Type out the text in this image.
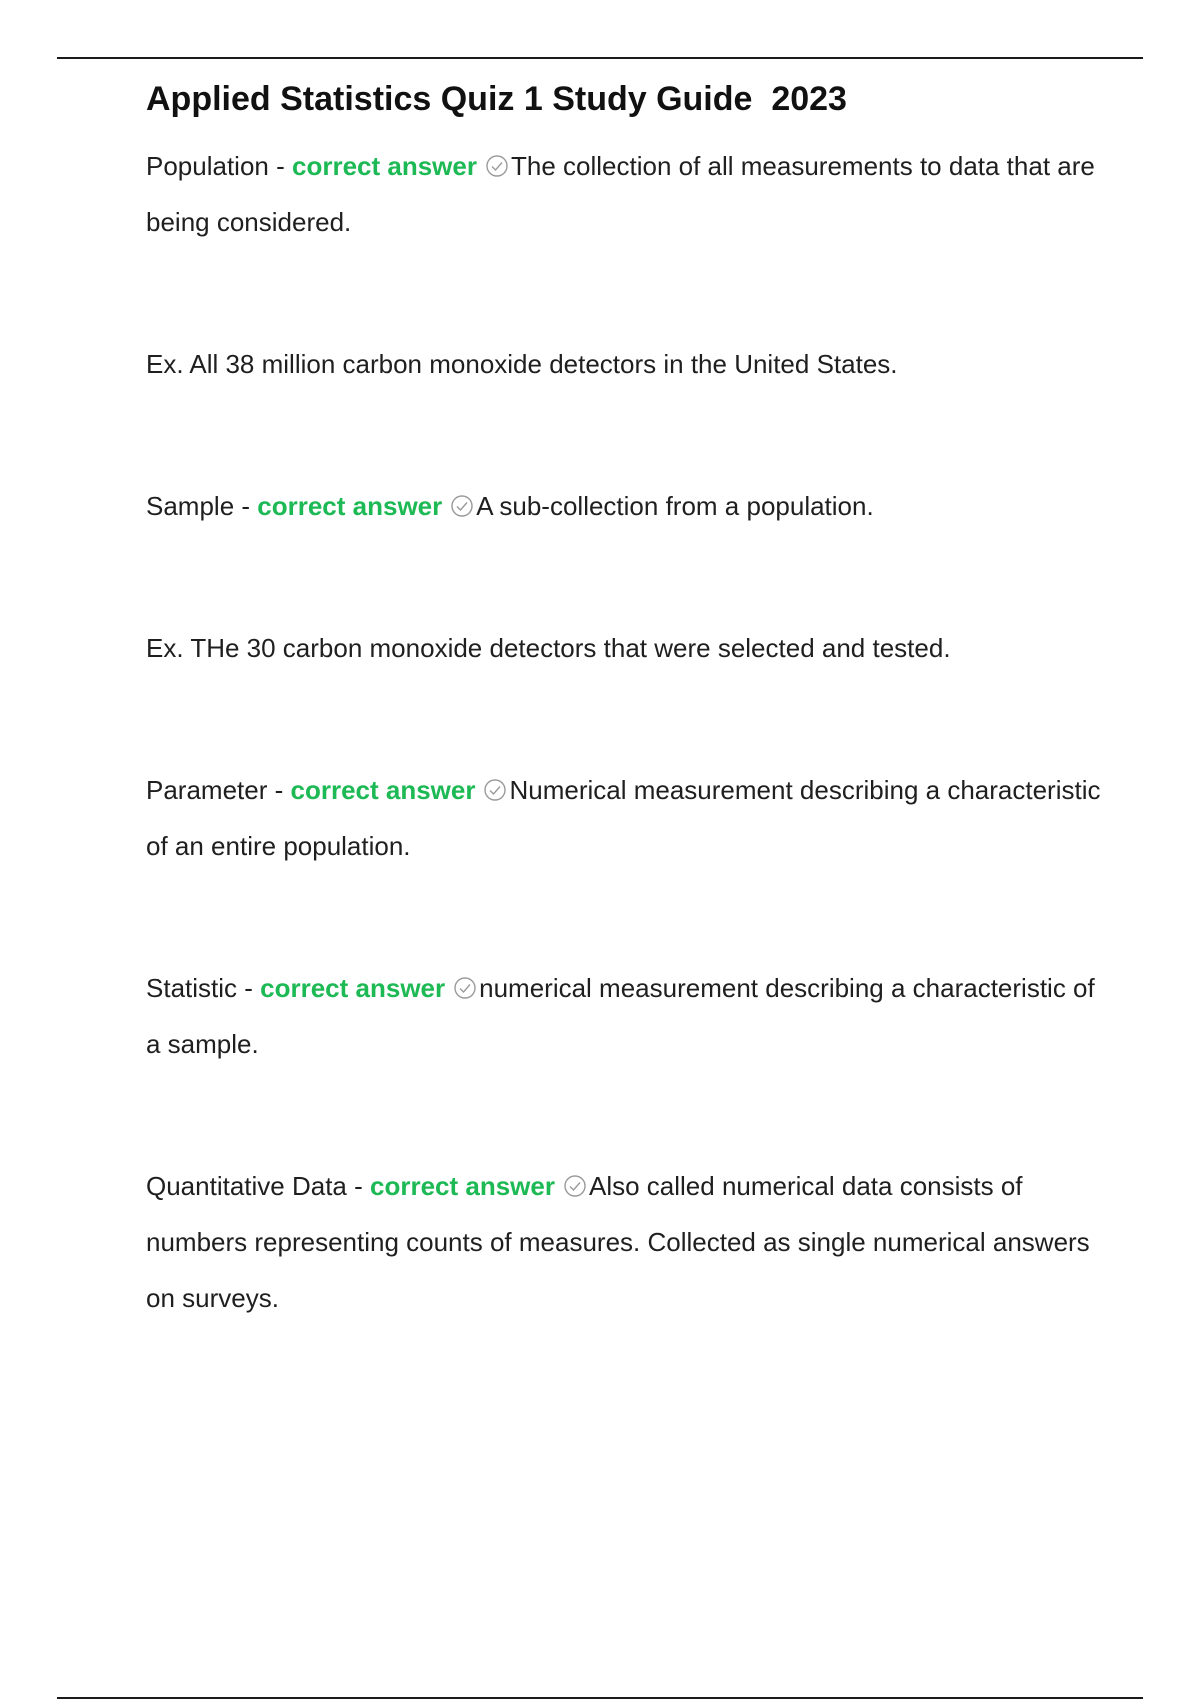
Applied Statistics Quiz 1 Study Guide  2023

Population - correct answer The collection of all measurements to data that are being considered.

Ex. All 38 million carbon monoxide detectors in the United States.

Sample - correct answer A sub-collection from a population.

Ex. THe 30 carbon monoxide detectors that were selected and tested.

Parameter - correct answer Numerical measurement describing a characteristic of an entire population.

Statistic - correct answer numerical measurement describing a characteristic of a sample.

Quantitative Data - correct answer Also called numerical data consists of numbers representing counts of measures. Collected as single numerical answers on surveys.
